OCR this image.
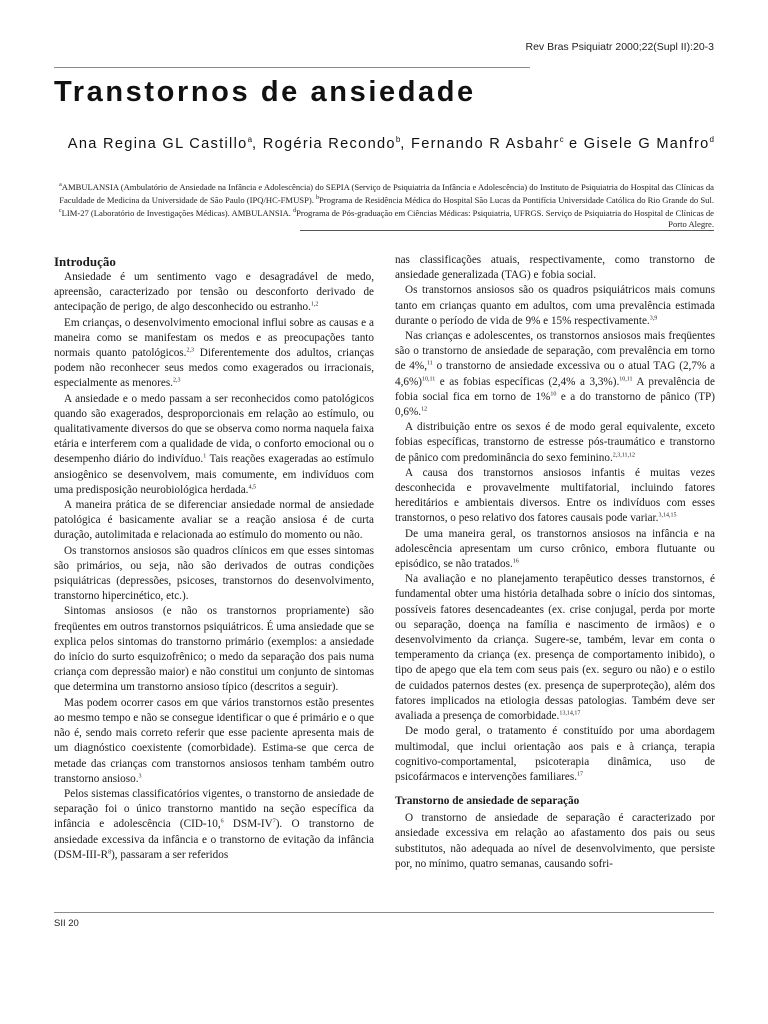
Rev Bras Psiquiatr 2000;22(Supl II):20-3
Transtornos de ansiedade
Ana Regina GL Castillo$^a$, Rogéria Recondo$^b$, Fernando R Asbahr$^c$ e Gisele G Manfro$^d$
$^a$AMBULANSIA (Ambulatório de Ansiedade na Infância e Adolescência) do SEPIA (Serviço de Psiquiatria da Infância e Adolescência) do Instituto de Psiquiatria do Hospital das Clínicas da Faculdade de Medicina da Universidade de São Paulo (IPQ/HC-FMUSP). $^b$Programa de Residência Médica do Hospital São Lucas da Pontifícia Universidade Católica do Rio Grande do Sul. $^c$LIM-27 (Laboratório de Investigações Médicas). AMBULANSIA. $^d$Programa de Pós-graduação em Ciências Médicas: Psiquiatria, UFRGS. Serviço de Psiquiatria do Hospital de Clínicas de Porto Alegre.
Introdução

Ansiedade é um sentimento vago e desagradável de medo, apreensão, caracterizado por tensão ou desconforto derivado de antecipação de perigo, de algo desconhecido ou estranho.$^{1,2}$

Em crianças, o desenvolvimento emocional influi sobre as causas e a maneira como se manifestam os medos e as preocupações tanto normais quanto patológicos.$^{2,3}$ Diferentemente dos adultos, crianças podem não reconhecer seus medos como exagerados ou irracionais, especialmente as menores.$^{2,3}$

A ansiedade e o medo passam a ser reconhecidos como patológicos quando são exagerados, desproporcionais em relação ao estímulo, ou qualitativamente diversos do que se observa como norma naquela faixa etária e interferem com a qualidade de vida, o conforto emocional ou o desempenho diário do indivíduo.$^1$ Tais reações exageradas ao estímulo ansiogênico se desenvolvem, mais comumente, em indivíduos com uma predisposição neurobiológica herdada.$^{4,5}$

A maneira prática de se diferenciar ansiedade normal de ansiedade patológica é basicamente avaliar se a reação ansiosa é de curta duração, autolimitada e relacionada ao estímulo do momento ou não.

Os transtornos ansiosos são quadros clínicos em que esses sintomas são primários, ou seja, não são derivados de outras condições psiquiátricas (depressões, psicoses, transtornos do desenvolvimento, transtorno hipercinético, etc.).

Sintomas ansiosos (e não os transtornos propriamente) são freqüentes em outros transtornos psiquiátricos. É uma ansiedade que se explica pelos sintomas do transtorno primário (exemplos: a ansiedade do início do surto esquizofrênico; o medo da separação dos pais numa criança com depressão maior) e não constitui um conjunto de sintomas que determina um transtorno ansioso típico (descritos a seguir).

Mas podem ocorrer casos em que vários transtornos estão presentes ao mesmo tempo e não se consegue identificar o que é primário e o que não é, sendo mais correto referir que esse paciente apresenta mais de um diagnóstico coexistente (comorbidade). Estima-se que cerca de metade das crianças com transtornos ansiosos tenham também outro transtorno ansioso.$^3$

Pelos sistemas classificatórios vigentes, o transtorno de ansiedade de separação foi o único transtorno mantido na seção específica da infância e adolescência (CID-10,$^6$ DSM-$IV^7$). O transtorno de ansiedade excessiva da infância e o transtorno de evitação da infância $(DSM-III-R^8)$, passaram a ser referidos

nas classificações atuais, respectivamente, como transtorno de ansiedade generalizada (TAG) e fobia social.

Os transtornos ansiosos são os quadros psiquiátricos mais comuns tanto em crianças quanto em adultos, com uma prevalência estimada durante o período de vida de 9% e 15% respectivamente.$^{3,9}$

Nas crianças e adolescentes, os transtornos ansiosos mais freqüentes são o transtorno de ansiedade de separação, com prevalência em torno de 4%,$^{11}$ o transtorno de ansiedade excessiva ou o atual TAG (2,7% a 4,6%)$^{10,11}$ e as fobias específicas (2,4% a 3,3%).$^{10,11}$ A prevalência de fobia social fica em torno de 1%$^{10}$ e a do transtorno de pânico (TP) 0,6%.$^{12}$

A distribuição entre os sexos é de modo geral equivalente, exceto fobias específicas, transtorno de estresse pós-traumático e transtorno de pânico com predominância do sexo feminino.$^{2,3,11,12}$

A causa dos transtornos ansiosos infantis é muitas vezes desconhecida e provavelmente multifatorial, incluindo fatores hereditários e ambientais diversos. Entre os indivíduos com esses transtornos, o peso relativo dos fatores causais pode variar.$^{3,14,15}$

De uma maneira geral, os transtornos ansiosos na infância e na adolescência apresentam um curso crônico, embora flutuante ou episódico, se não tratados.$^{16}$

Na avaliação e no planejamento terapêutico desses transtornos, é fundamental obter uma história detalhada sobre o início dos sintomas, possíveis fatores desencadeantes (ex. crise conjugal, perda por morte ou separação, doença na família e nascimento de irmãos) e o desenvolvimento da criança. Sugere-se, também, levar em conta o temperamento da criança (ex. presença de comportamento inibido), o tipo de apego que ela tem com seus pais (ex. seguro ou não) e o estilo de cuidados paternos destes (ex. presença de superproteção), além dos fatores implicados na etiologia dessas patologias. Também deve ser avaliada a presença de comorbidade.$^{13,14,17}$

De modo geral, o tratamento é constituído por uma abordagem multimodal, que inclui orientação aos pais e à criança, terapia cognitivo-comportamental, psicoterapia dinâmica, uso de psicofármacos e intervenções familiares.$^{17}$

Transtorno de ansiedade de separação

O transtorno de ansiedade de separação é caracterizado por ansiedade excessiva em relação ao afastamento dos pais ou seus substitutos, não adequada ao nível de desenvolvimento, que persiste por, no mínimo, quatro semanas, causando sofri-

SII 20
